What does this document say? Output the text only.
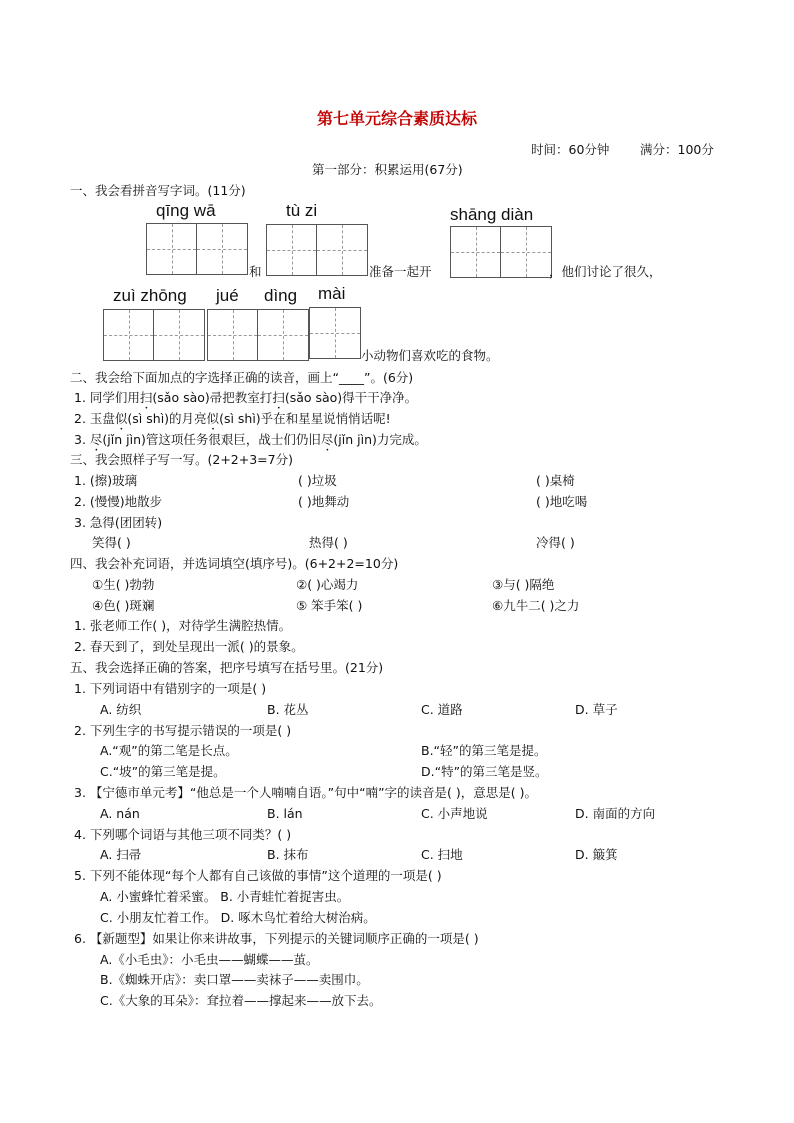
第七单元综合素质达标
时间：60分钟 满分：100分
第一部分：积累运用(67分)
一、我会看拼音写字词。(11分)
qīng wā	tù zi	shāng diàn
和	准备一起开	，他们讨论了很久，
zuì zhōng jué dìng mài
小动物们喜欢吃的食物。
二、我会给下面加点的字选择正确的读音，画上“____”。(6分)
1. 同学们用扫(sǎo sào)帚把教室打扫(sǎo sào)得干干净净。
2. 玉盘似(sì shì)的月亮似(sì shì)乎在和星星说悄悄话呢!
3. 尽(jǐn jìn)管这项任务很艰巨，战士们仍旧尽(jǐn jìn)力完成。
三、我会照样子写一写。(2+2+3=7分)
1. (擦)玻璃	( )垃圾	( )桌椅
2. (慢慢)地散步	( )地舞动	( )地吃喝
3. 急得(团团转)
笑得( )	热得( )	冷得( )
四、我会补充词语，并选词填空(填序号)。(6+2+2=10分)
①生( )勃勃	②( )心竭力	③与( )隔绝
④色( )斑斓	⑤ 笨手笨( )	⑥九牛二( )之力
1. 张老师工作( )，对待学生满腔热情。
2. 春天到了，到处呈现出一派( )的景象。
五、我会选择正确的答案，把序号填写在括号里。(21分)
1. 下列词语中有错别字的一项是( )
A. 纺织	B. 花丛	C. 道路	D. 草子
2. 下列生字的书写提示错误的一项是( )
A.“观”的第二笔是长点。	B.“轻”的第三笔是提。
C.“坡”的第三笔是提。	D.“特”的第三笔是竖。
3. 【宁德市单元考】“他总是一个人喃喃自语。”句中“喃”字的读音是( )，意思是( )。
A. nán	B. lán	C. 小声地说	D. 南面的方向
4. 下列哪个词语与其他三项不同类？( )
A. 扫帚	B. 抹布	C. 扫地	D. 簸箕
5. 下列不能体现“每个人都有自己该做的事情”这个道理的一项是( )
A. 小蜜蜂忙着采蜜。 B. 小青蛙忙着捉害虫。
C. 小朋友忙着工作。 D. 啄木鸟忙着给大树治病。
6. 【新题型】如果让你来讲故事，下列提示的关键词顺序正确的一项是( )
A.《小毛虫》：小毛虫——蝴蝶——茧。
B.《蜘蛛开店》：卖口罩——卖袜子——卖围巾。
C.《大象的耳朵》：耷拉着——撑起来——放下去。
